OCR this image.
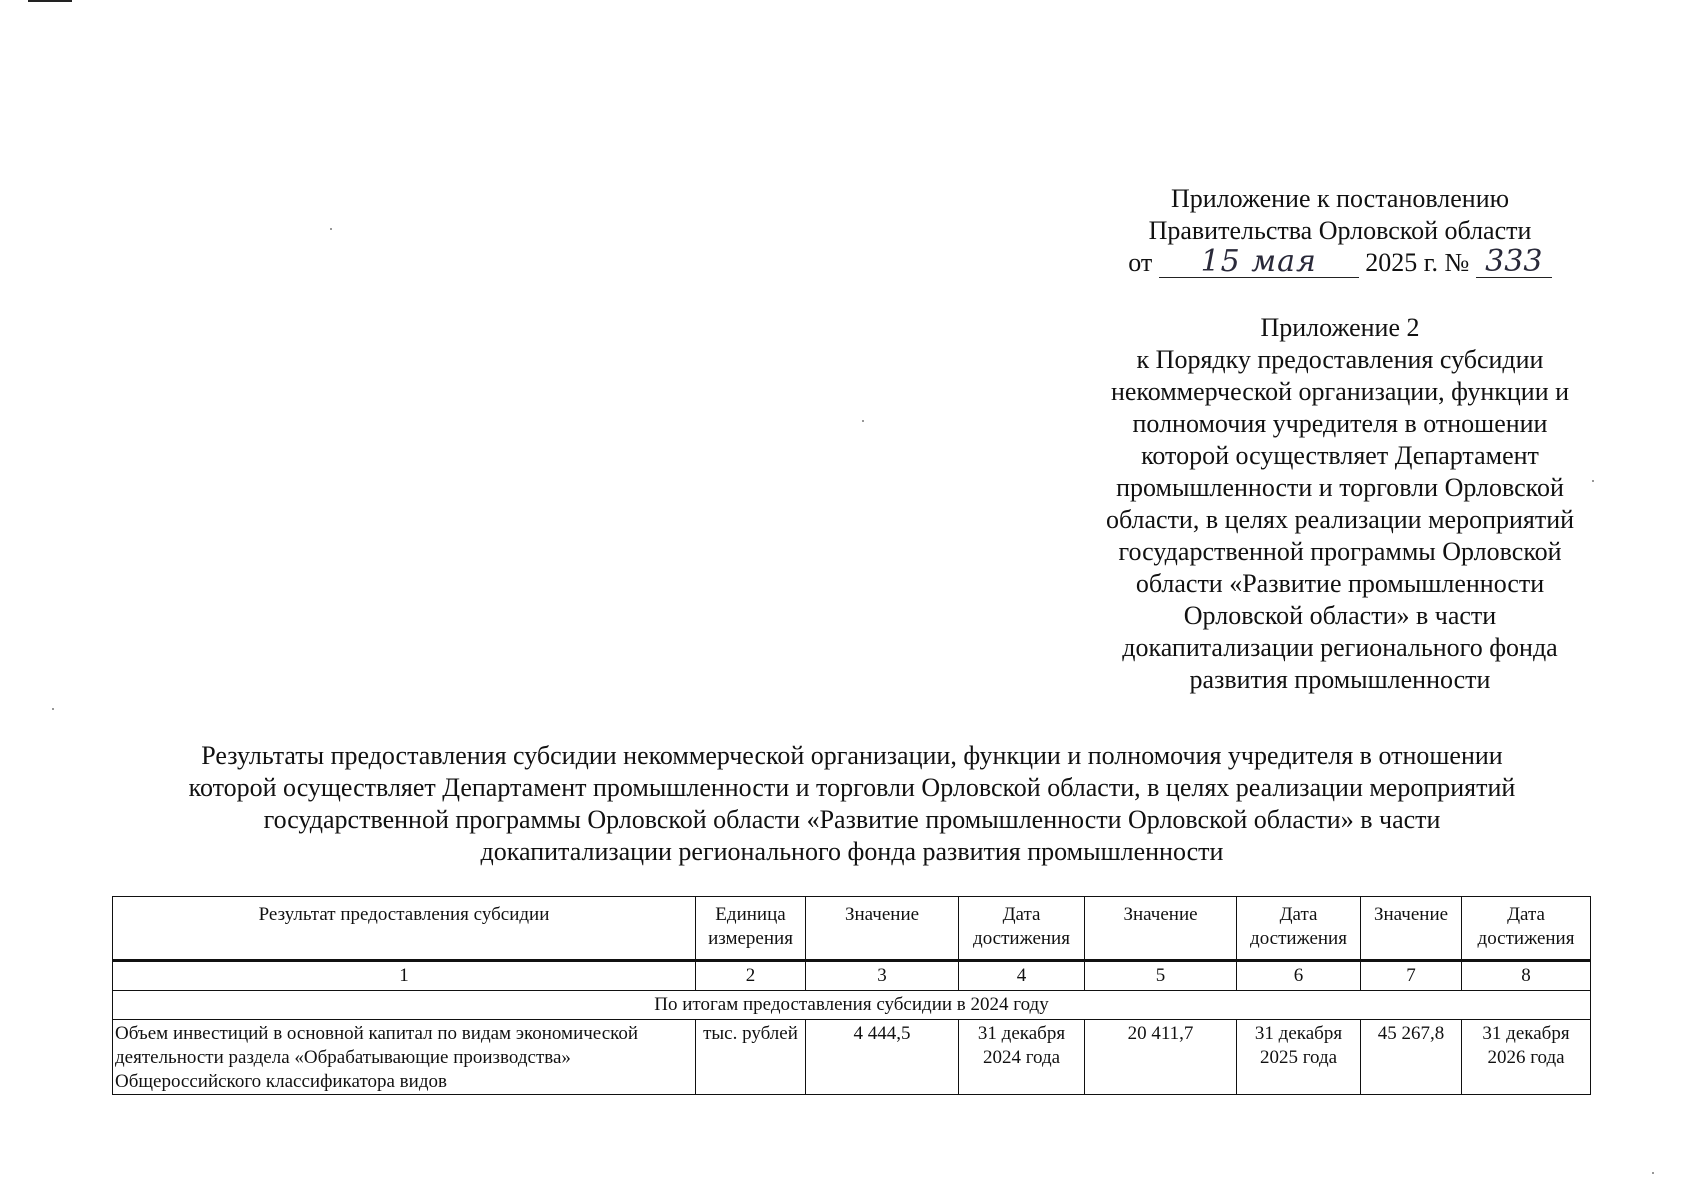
Приложение к постановлению
Правительства Орловской области
от 15 мая 2025 г. № 333
Приложение 2
к Порядку предоставления субсидии
некоммерческой организации, функции и
полномочия учредителя в отношении
которой осуществляет Департамент
промышленности и торговли Орловской
области, в целях реализации мероприятий
государственной программы Орловской
области «Развитие промышленности
Орловской области» в части
докапитализации регионального фонда
развития промышленности
Результаты предоставления субсидии некоммерческой организации, функции и полномочия учредителя в отношении
которой осуществляет Департамент промышленности и торговли Орловской области, в целях реализации мероприятий
государственной программы Орловской области «Развитие промышленности Орловской области» в части
докапитализации регионального фонда развития промышленности
Результат предоставления субсидии	Единица измерения	Значение	Дата достижения	Значение	Дата достижения	Значение	Дата достижения
1	2	3	4	5	6	7	8
По итогам предоставления субсидии в 2024 году							
Объем инвестиций в основной капитал по видам экономической деятельности раздела «Обрабатывающие производства» Общероссийского классификатора видов	тыс. рублей	4 444,5	31 декабря 2024 года	20 411,7	31 декабря 2025 года	45 267,8	31 декабря 2026 года
